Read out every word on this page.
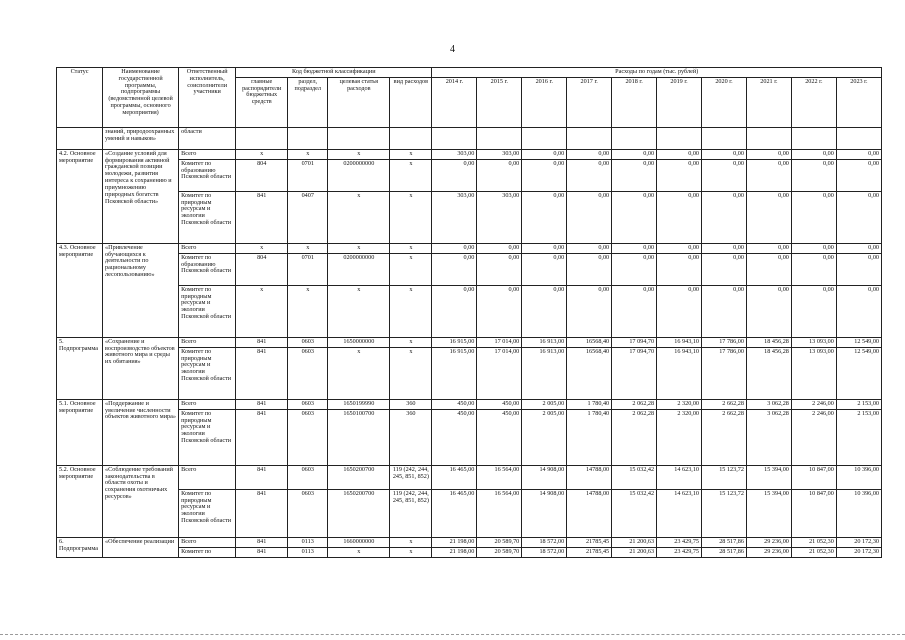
4
Статус	Наименование государственной программы, подпрограммы (ведомственной целевой программы, основного мероприятия)	Ответственный исполнитель, соисполнители участники	Код бюджетной классификации				Расходы по годам (тыс. рублей)									
			главные распорядители бюджетных средств	раздел, подраздел	целевая статья расходов	вид расходов	2014 г.	2015 г.	2016 г.	2017 г.	2018 г.	2019 г.	2020 г.	2021 г.	2022 г.	2023 г.
	знаний, природоохранных умений и навыков»	области														
4.2. Основное мероприятие	«Создание условий для формирования активной гражданской позиции молодежи, развития интереса к сохранению и приумножению природных богатств Псковской области»	Всего	х	х	х	х	303,00	303,00	0,00	0,00	0,00	0,00	0,00	0,00	0,00	0,00
		Комитет по образованию Псковской области	804	0701	0200000000	х	0,00	0,00	0,00	0,00	0,00	0,00	0,00	0,00	0,00	0,00
		Комитет по природным ресурсам и экологии Псковской области	841	0407	х	х	303,00	303,00	0,00	0,00	0,00	0,00	0,00	0,00	0,00	0,00
4.3. Основное мероприятие	«Привлечение обучающихся к деятельности по рациональному лесопользованию»	Всего	х	х	х	х	0,00	0,00	0,00	0,00	0,00	0,00	0,00	0,00	0,00	0,00
		Комитет по образованию Псковской области	804	0701	0200000000	х	0,00	0,00	0,00	0,00	0,00	0,00	0,00	0,00	0,00	0,00
		Комитет по природным ресурсам и экологии Псковской области	х	х	х	х	0,00	0,00	0,00	0,00	0,00	0,00	0,00	0,00	0,00	0,00
5. Подпрограмма	«Сохранение и воспроизводство объектов животного мира и среды их обитания»	Всего	841	0603	1650000000	х	16 915,00	17 014,00	16 913,00	16568,40	17 094,70	16 943,10	17 786,00	18 456,28	13 093,00	12 549,00
		Комитет по природным ресурсам и экологии Псковской области	841	0603	х	х	16 915,00	17 014,00	16 913,00	16568,40	17 094,70	16 943,10	17 786,00	18 456,28	13 093,00	12 549,00
5.1. Основное мероприятие	«Поддержание и увеличение численности объектов животного мира»	Всего	841	0603	1650199990	360	450,00	450,00	2 005,00	1 780,40	2 062,28	2 320,00	2 662,28	3 062,28	2 246,00	2 153,00
		Комитет по природным ресурсам и экологии Псковской области	841	0603	1650100700	360	450,00	450,00	2 005,00	1 780,40	2 062,28	2 320,00	2 662,28	3 062,28	2 246,00	2 153,00
5.2. Основное мероприятие	«Соблюдение требований законодательства в области охоты и сохранения охотничьих ресурсов»	Всего	841	0603	1650200700	119 (242, 244, 245, 851, 852)	16 465,00	16 564,00	14 908,00	14788,00	15 032,42	14 623,10	15 123,72	15 394,00	10 847,00	10 396,00
		Комитет по природным ресурсам и экологии Псковской области	841	0603	1650200700	119 (242, 244, 245, 851, 852)	16 465,00	16 564,00	14 908,00	14788,00	15 032,42	14 623,10	15 123,72	15 394,00	10 847,00	10 396,00
6. Подпрограмма	«Обеспечение реализации	Всего	841	0113	1660000000	х	21 198,00	20 589,70	18 572,00	21785,45	21 200,63	23 429,75	28 517,86	29 236,00	21 052,30	20 172,30
		Комитет по	841	0113	х	х	21 198,00	20 589,70	18 572,00	21785,45	21 200,63	23 429,75	28 517,86	29 236,00	21 052,30	20 172,30
